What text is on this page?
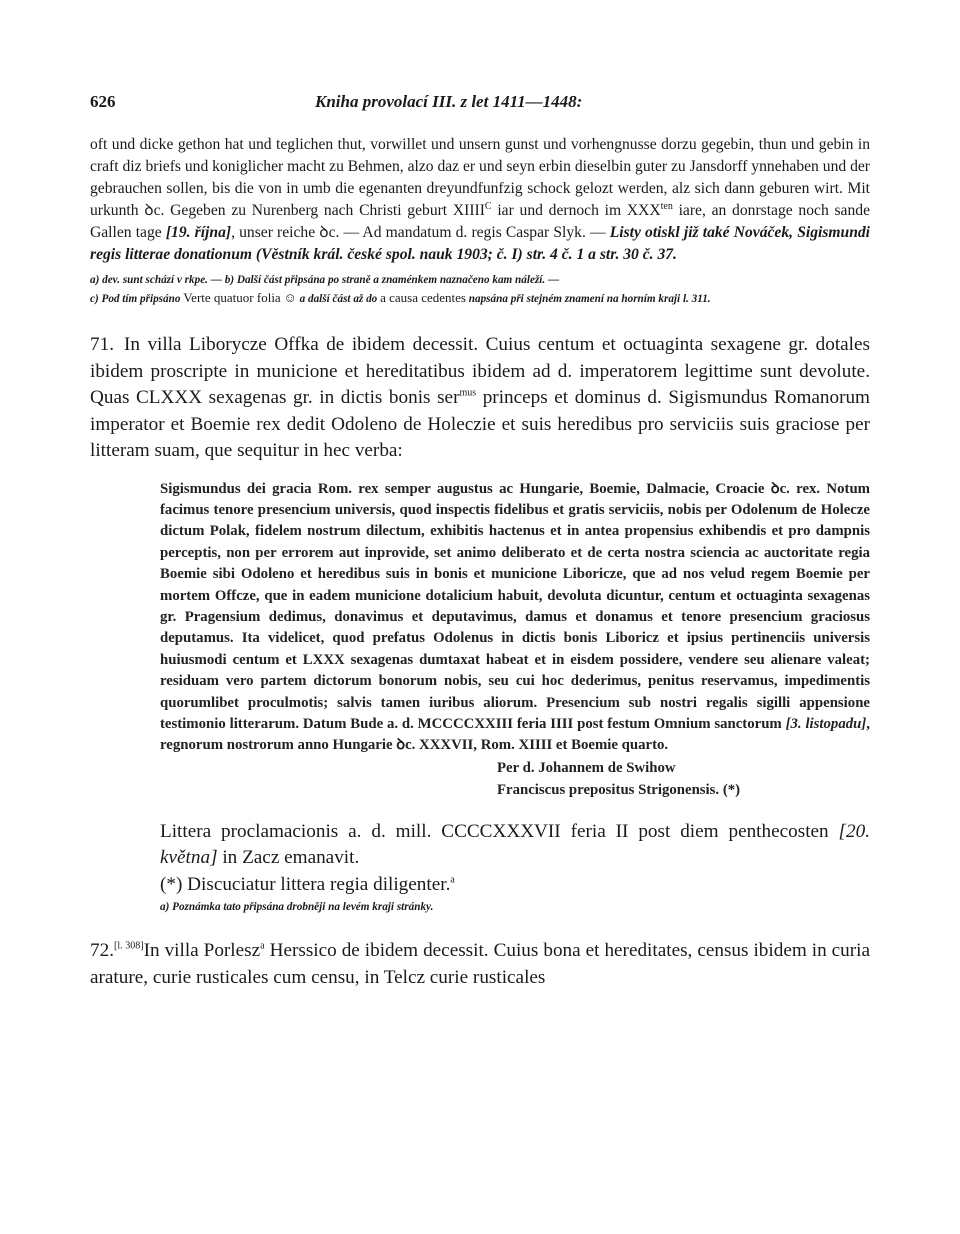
626	Kniha provolací III. z let 1411—1448:
oft und dicke gethon hat und teglichen thut, vorwillet und unsern gunst und vorhengnusse dorzu gegebin, thun und gebin in craft diz briefs und koniglicher macht zu Behmen, alzo daz er und seyn erbin dieselbin guter zu Jansdorff ynnehaben und der gebrauchen sollen, bis die von in umb die egenanten dreyundfunfzig schock gelozt werden, alz sich dann geburen wirt. Mit urkunth ꝺc. Gegeben zu Nurenberg nach Christi geburt $XIIII^C$ iar und dernoch im $XXX^{ten}$ iare, an donrstage noch sande Gallen tage [19. října], unser reiche ꝺc. — Ad mandatum d. regis Caspar Slyk. — Listy otiskl již také Nováček, Sigismundi regis litterae donationum (Věstník král. české spol. nauk 1903; č. I) str. 4 č. 1 a str. 30 č. 37.
a) dev. sunt schází v rkpe. — b) Další část připsána po straně a znaménkem naznačeno kam náleží. —
c) Pod tím připsáno Verte quatuor folia ☺ a další část až do a causa cedentes napsána při stejném znamení na horním kraji l. 311.
71. In villa Liborycze Offka de ibidem decessit. Cuius centum et octuaginta sexagene gr. dotales ibidem proscripte in municione et hereditatibus ibidem ad d. imperatorem legittime sunt devolute. Quas CLXXX sexagenas gr. in dictis bonis ser$^{mus}$ princeps et dominus d. Sigismundus Romanorum imperator et Boemie rex dedit Odoleno de Holeczie et suis heredibus pro serviciis suis graciose per litteram suam, que sequitur in hec verba:
Sigismundus dei gracia Rom. rex semper augustus ac Hungarie, Boemie, Dalmacie, Croacie ꝺc. rex. Notum facimus tenore presencium universis, quod inspectis fidelibus et gratis serviciis, nobis per Odolenum de Holecze dictum Polak, fidelem nostrum dilectum, exhibitis hactenus et in antea propensius exhibendis et pro dampnis perceptis, non per errorem aut inprovide, set animo deliberato et de certa nostra sciencia ac auctoritate regia Boemie sibi Odoleno et heredibus suis in bonis et municione Liboricze, que ad nos velud regem Boemie per mortem Offcze, que in eadem municione dotalicium habuit, devoluta dicuntur, centum et octuaginta sexagenas gr. Pragensium dedimus, donavimus et deputavimus, damus et donamus et tenore presencium graciosus deputamus. Ita videlicet, quod prefatus Odolenus in dictis bonis Liboricz et ipsius pertinenciis universis huiusmodi centum et LXXX sexagenas dumtaxat habeat et in eisdem possidere, vendere seu alienare valeat; residuam vero partem dictorum bonorum nobis, seu cui hoc dederimus, penitus reservamus, impedimentis quorumlibet proculmotis; salvis tamen iuribus aliorum. Presencium sub nostri regalis sigilli appensione testimonio litterarum. Datum Bude a. d. MCCCCXXIII feria IIII post festum Omnium sanctorum [3. listopadu], regnorum nostrorum anno Hungarie ꝺc. XXXVII, Rom. XIIII et Boemie quarto.
Per d. Johannem de Swihow
Franciscus prepositus Strigonensis. (*)
Littera proclamacionis a. d. mill. CCCCXXXVII feria II post diem penthecosten [20. května] in Zacz emanavit.
(*) Discuciatur littera regia diligenter.$^a$
a) Poznámka tato připsána drobněji na levém kraji stránky.
72.[l. 308]In villa Porlesz$^a$ Herssico de ibidem decessit. Cuius bona et hereditates, census ibidem in curia arature, curie rusticales cum censu, in Telcz curie rusticales
